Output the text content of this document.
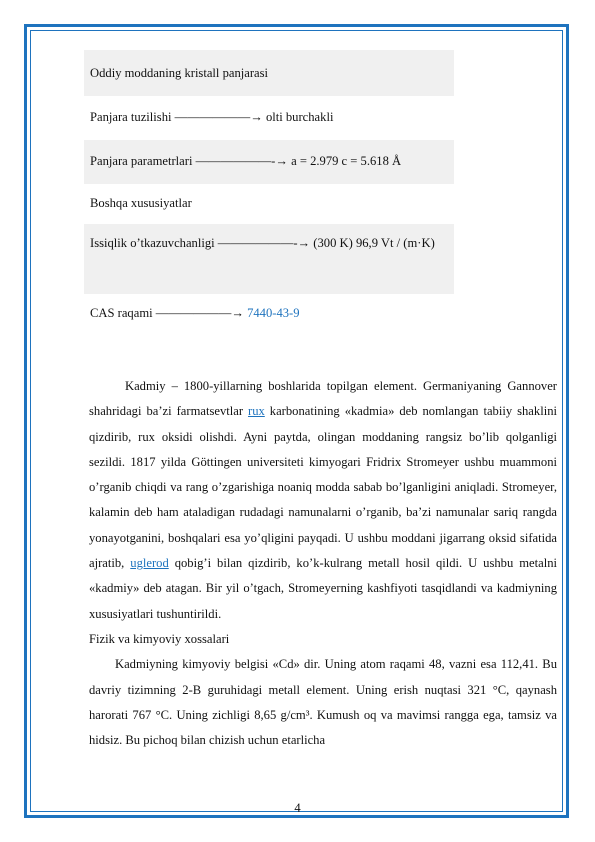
Oddiy moddaning kristall panjarasi
Panjara tuzilishi ——————→ olti burchakli
Panjara parametrlari ——————-→ a = 2.979 c = 5.618 Å
Boshqa xususiyatlar
Issiqlik o’tkazuvchanligi ——————-→ (300 K) 96,9 Vt / (m·K)
CAS raqami ——————→ 7440-43-9

Kadmiy – 1800-yillarning boshlarida topilgan element. Germaniyaning Gannover shahridagi ba’zi farmatsevtlar rux karbonatining «kadmia» deb nomlangan tabiiy shaklini qizdirib, rux oksidi olishdi. Ayni paytda, olingan moddaning rangsiz bo’lib qolganligi sezildi. 1817 yilda Göttingen universiteti kimyogari Fridrix Stromeyer ushbu muammoni o’rganib chiqdi va rang o’zgarishiga noaniq modda sabab bo’lganligini aniqladi. Stromeyer, kalamin deb ham ataladigan rudadagi namunalarni o’rganib, ba’zi namunalar sariq rangda yonayotganini, boshqalari esa yo’qligini payqadi. U ushbu moddani jigarrang oksid sifatida ajratib, uglerod qobig’i bilan qizdirib, ko’k-kulrang metall hosil qildi. U ushbu metalni «kadmiy» deb atagan. Bir yil o’tgach, Stromeyerning kashfiyoti tasqidlandi va kadmiyning xususiyatlari tushuntirildi.

Fizik va kimyoviy xossalari

Kadmiyning kimyoviy belgisi «Cd» dir. Uning atom raqami 48, vazni esa 112,41. Bu davriy tizimning 2-B guruhidagi metall element. Uning erish nuqtasi 321 °C, qaynash harorati 767 °C. Uning zichligi 8,65 g/cm³. Kumush oq va mavimsi rangga ega, tamsiz va hidsiz. Bu pichoq bilan chizish uchun etarlicha

4
